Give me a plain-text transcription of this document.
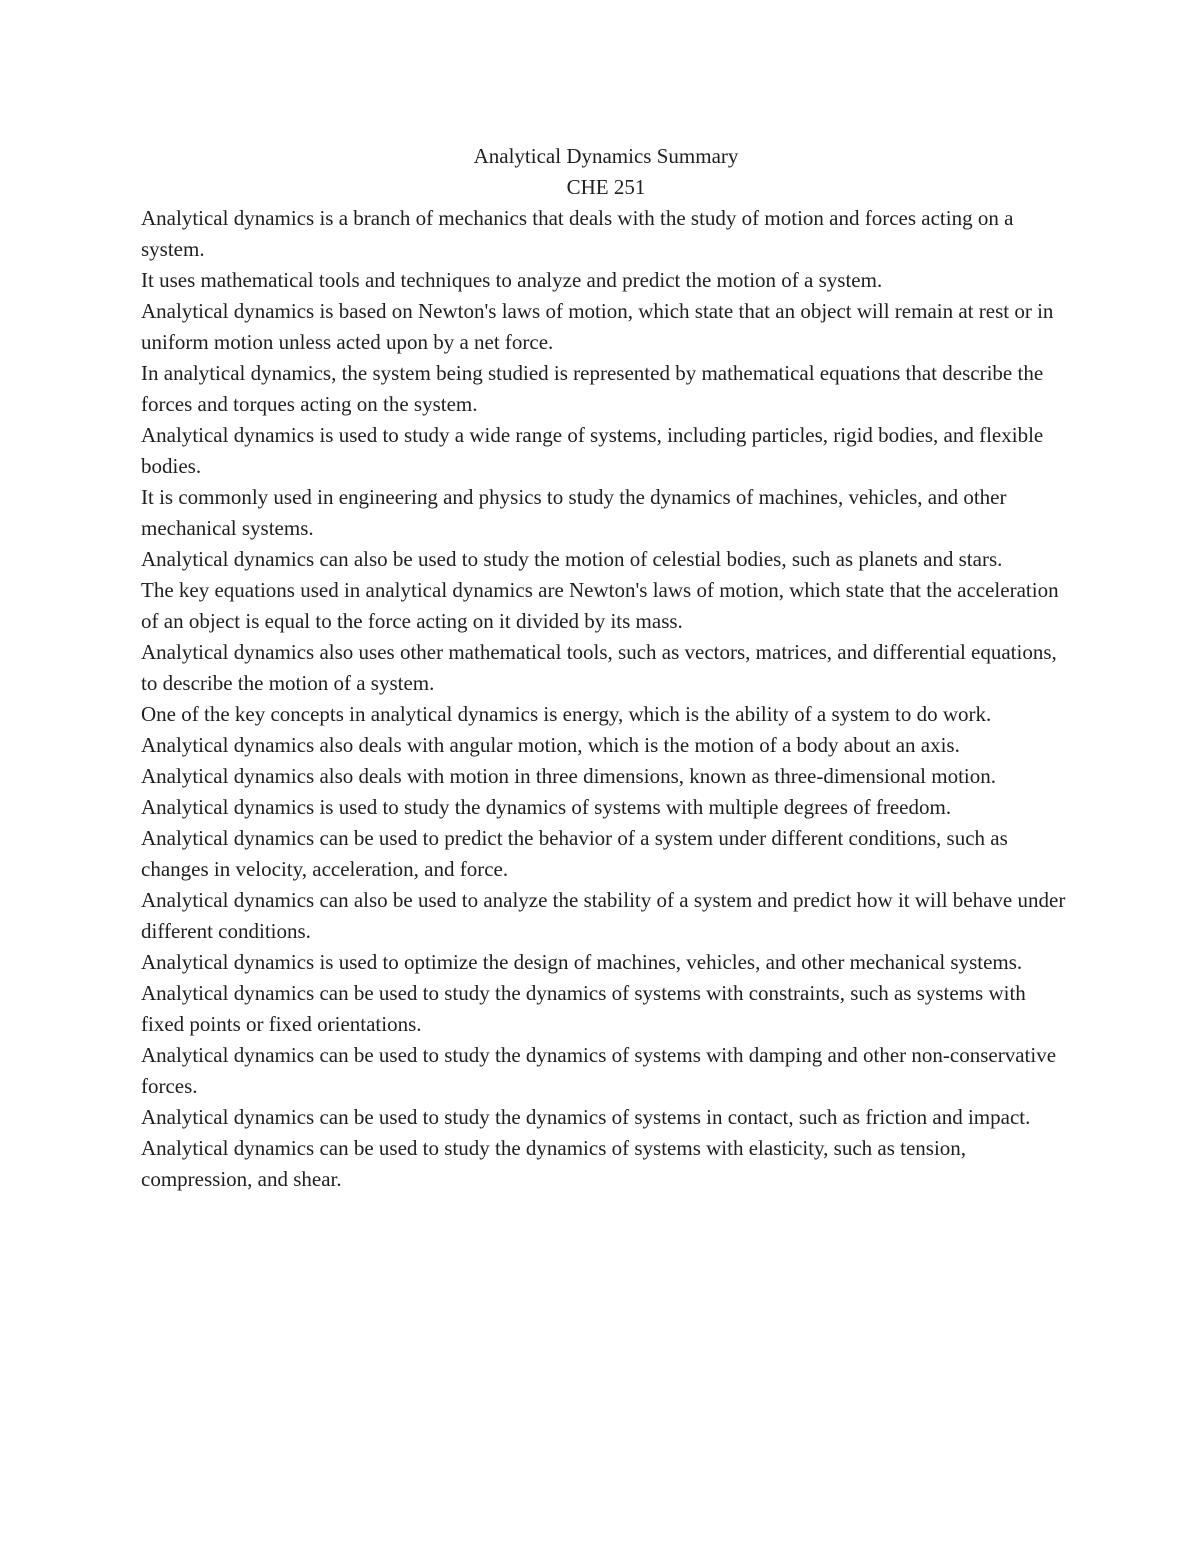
Analytical Dynamics Summary

CHE 251

Analytical dynamics is a branch of mechanics that deals with the study of motion and forces acting on a system.

It uses mathematical tools and techniques to analyze and predict the motion of a system.

Analytical dynamics is based on Newton's laws of motion, which state that an object will remain at rest or in uniform motion unless acted upon by a net force.

In analytical dynamics, the system being studied is represented by mathematical equations that describe the forces and torques acting on the system.

Analytical dynamics is used to study a wide range of systems, including particles, rigid bodies, and flexible bodies.

It is commonly used in engineering and physics to study the dynamics of machines, vehicles, and other mechanical systems.

Analytical dynamics can also be used to study the motion of celestial bodies, such as planets and stars.

The key equations used in analytical dynamics are Newton's laws of motion, which state that the acceleration of an object is equal to the force acting on it divided by its mass.

Analytical dynamics also uses other mathematical tools, such as vectors, matrices, and differential equations, to describe the motion of a system.

One of the key concepts in analytical dynamics is energy, which is the ability of a system to do work.

Analytical dynamics also deals with angular motion, which is the motion of a body about an axis.

Analytical dynamics also deals with motion in three dimensions, known as three-dimensional motion.

Analytical dynamics is used to study the dynamics of systems with multiple degrees of freedom.

Analytical dynamics can be used to predict the behavior of a system under different conditions, such as changes in velocity, acceleration, and force.

Analytical dynamics can also be used to analyze the stability of a system and predict how it will behave under different conditions.

Analytical dynamics is used to optimize the design of machines, vehicles, and other mechanical systems.

Analytical dynamics can be used to study the dynamics of systems with constraints, such as systems with fixed points or fixed orientations.

Analytical dynamics can be used to study the dynamics of systems with damping and other non-conservative forces.

Analytical dynamics can be used to study the dynamics of systems in contact, such as friction and impact.

Analytical dynamics can be used to study the dynamics of systems with elasticity, such as tension, compression, and shear.
